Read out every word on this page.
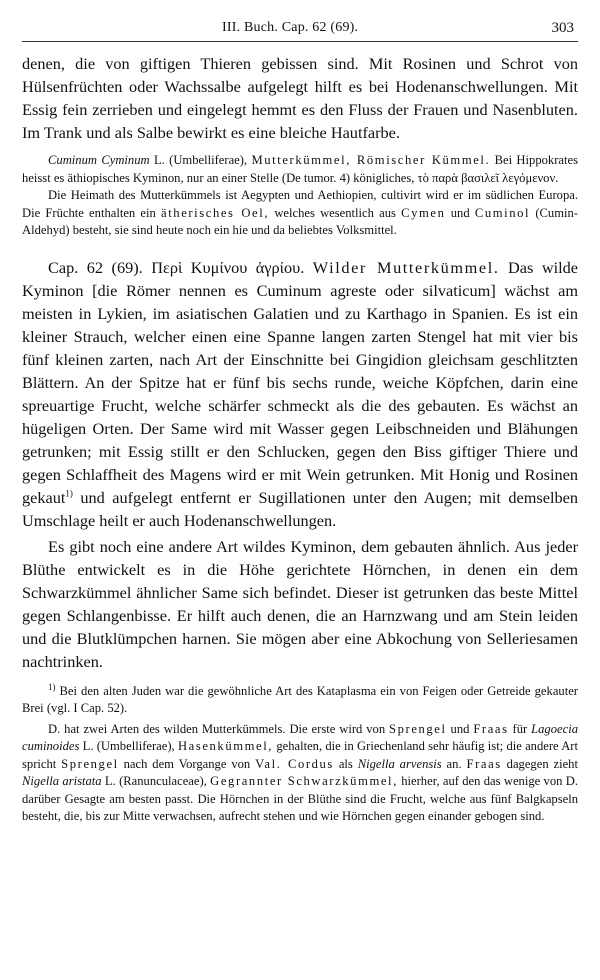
III. Buch. Cap. 62 (69).	303

denen, die von giftigen Thieren gebissen sind. Mit Rosinen und Schrot von Hülsenfrüchten oder Wachssalbe aufgelegt hilft es bei Hodenanschwellungen. Mit Essig fein zerrieben und eingelegt hemmt es den Fluss der Frauen und Nasenbluten. Im Trank und als Salbe bewirkt es eine bleiche Hautfarbe.

Cuminum Cyminum L. (Umbelliferae), Mutterkümmel, Römischer Kümmel. Bei Hippokrates heisst es äthiopisches Kyminon, nur an einer Stelle (De tumor. 4) königliches, τὸ παρὰ βασιλεῖ λεγόμενον.

Die Heimath des Mutterkümmels ist Aegypten und Aethiopien, cultivirt wird er im südlichen Europa. Die Früchte enthalten ein ätherisches Oel, welches wesentlich aus Cymen und Cuminol (Cumin-Aldehyd) besteht, sie sind heute noch ein hie und da beliebtes Volksmittel.

Cap. 62 (69). Περὶ Κυμίνου ἀγρίου. Wilder Mutterkümmel. Das wilde Kyminon [die Römer nennen es Cuminum agreste oder silvaticum] wächst am meisten in Lykien, im asiatischen Galatien und zu Karthago in Spanien. Es ist ein kleiner Strauch, welcher einen eine Spanne langen zarten Stengel hat mit vier bis fünf kleinen zarten, nach Art der Einschnitte bei Gingidion gleichsam geschlitzten Blättern. An der Spitze hat er fünf bis sechs runde, weiche Köpfchen, darin eine spreuartige Frucht, welche schärfer schmeckt als die des gebauten. Es wächst an hügeligen Orten. Der Same wird mit Wasser gegen Leibschneiden und Blähungen getrunken; mit Essig stillt er den Schlucken, gegen den Biss giftiger Thiere und gegen Schlaffheit des Magens wird er mit Wein getrunken. Mit Honig und Rosinen gekaut$^{1)}$ und aufgelegt entfernt er Sugillationen unter den Augen; mit demselben Umschlage heilt er auch Hodenanschwellungen.

Es gibt noch eine andere Art wildes Kyminon, dem gebauten ähnlich. Aus jeder Blüthe entwickelt es in die Höhe gerichtete Hörnchen, in denen ein dem Schwarzkümmel ähnlicher Same sich befindet. Dieser ist getrunken das beste Mittel gegen Schlangenbisse. Er hilft auch denen, die an Harnzwang und am Stein leiden und die Blutklümpchen harnen. Sie mögen aber eine Abkochung von Selleriesamen nachtrinken.

$^{1)}$ Bei den alten Juden war die gewöhnliche Art des Kataplasma ein von Feigen oder Getreide gekauter Brei (vgl. I Cap. 52).

D. hat zwei Arten des wilden Mutterkümmels. Die erste wird von Sprengel und Fraas für Lagoecia cuminoides L. (Umbelliferae), Hasenkümmel, gehalten, die in Griechenland sehr häufig ist; die andere Art spricht Sprengel nach dem Vorgange von Val. Cordus als Nigella arvensis an. Fraas dagegen zieht Nigella aristata L. (Ranunculaceae), Gegrannter Schwarzkümmel, hierher, auf den das wenige von D. darüber Gesagte am besten passt. Die Hörnchen in der Blüthe sind die Frucht, welche aus fünf Balgkapseln besteht, die, bis zur Mitte verwachsen, aufrecht stehen und wie Hörnchen gegen einander gebogen sind.
